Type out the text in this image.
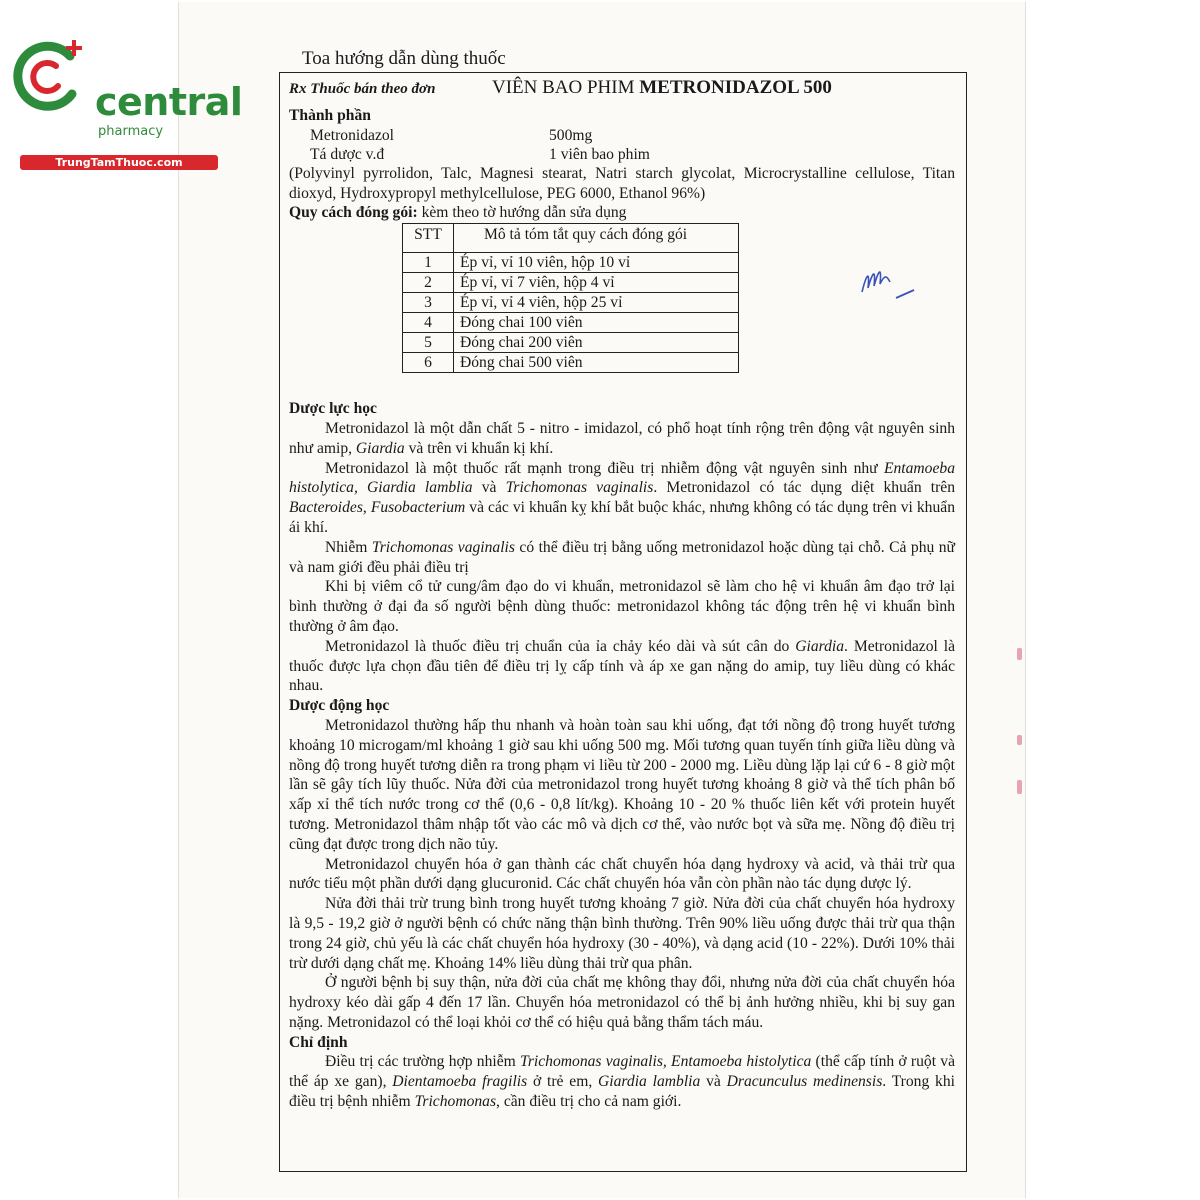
central
pharmacy
TrungTamThuoc.com
Toa hướng dẫn dùng thuốc
Rx Thuốc bán theo đơn	VIÊN BAO PHIM METRONIDAZOL 500
Thành phần
Metronidazol	500mg
Tá dược v.đ	1 viên bao phim

(Polyvinyl pyrrolidon, Talc, Magnesi stearat, Natri starch glycolat, Microcrystalline cellulose, Titan dioxyd, Hydroxypropyl methylcellulose, PEG 6000, Ethanol 96%)

Quy cách đóng gói: kèm theo tờ hướng dẫn sửa dụng
STT	Mô tả tóm tắt quy cách đóng gói
1	Ép vỉ, vỉ 10 viên, hộp 10 vỉ
2	Ép vỉ, vỉ 7 viên, hộp 4 vỉ
3	Ép vỉ, vỉ 4 viên, hộp 25 vỉ
4	Đóng chai 100 viên
5	Đóng chai 200 viên
6	Đóng chai 500 viên
Dược lực học

Metronidazol là một dẫn chất 5 - nitro - imidazol, có phổ hoạt tính rộng trên động vật nguyên sinh như amip, Giardia và trên vi khuẩn kị khí.

Metronidazol là một thuốc rất mạnh trong điều trị nhiễm động vật nguyên sinh như Entamoeba histolytica, Giardia lamblia và Trichomonas vaginalis. Metronidazol có tác dụng diệt khuẩn trên Bacteroides, Fusobacterium và các vi khuẩn kỵ khí bắt buộc khác, nhưng không có tác dụng trên vi khuẩn ái khí.

Nhiễm Trichomonas vaginalis có thể điều trị bằng uống metronidazol hoặc dùng tại chỗ. Cả phụ nữ và nam giới đều phải điều trị

Khi bị viêm cổ tử cung/âm đạo do vi khuẩn, metronidazol sẽ làm cho hệ vi khuẩn âm đạo trở lại bình thường ở đại đa số người bệnh dùng thuốc: metronidazol không tác động trên hệ vi khuẩn bình thường ở âm đạo.

Metronidazol là thuốc điều trị chuẩn của ỉa chảy kéo dài và sút cân do Giardia. Metronidazol là thuốc được lựa chọn đầu tiên để điều trị lỵ cấp tính và áp xe gan nặng do amip, tuy liều dùng có khác nhau.

Dược động học

Metronidazol thường hấp thu nhanh và hoàn toàn sau khi uống, đạt tới nồng độ trong huyết tương khoảng 10 microgam/ml khoảng 1 giờ sau khi uống 500 mg. Mối tương quan tuyến tính giữa liều dùng và nồng độ trong huyết tương diễn ra trong phạm vi liều từ 200 - 2000 mg. Liều dùng lặp lại cứ 6 - 8 giờ một lần sẽ gây tích lũy thuốc. Nửa đời của metronidazol trong huyết tương khoảng 8 giờ và thể tích phân bố xấp xỉ thể tích nước trong cơ thể (0,6 - 0,8 lít/kg). Khoảng 10 - 20 % thuốc liên kết với protein huyết tương. Metronidazol thâm nhập tốt vào các mô và dịch cơ thể, vào nước bọt và sữa mẹ. Nồng độ điều trị cũng đạt được trong dịch não tủy.

Metronidazol chuyển hóa ở gan thành các chất chuyển hóa dạng hydroxy và acid, và thải trừ qua nước tiểu một phần dưới dạng glucuronid. Các chất chuyển hóa vẫn còn phần nào tác dụng dược lý.

Nửa đời thải trừ trung bình trong huyết tương khoảng 7 giờ. Nửa đời của chất chuyển hóa hydroxy là 9,5 - 19,2 giờ ở người bệnh có chức năng thận bình thường. Trên 90% liều uống được thải trừ qua thận trong 24 giờ, chủ yếu là các chất chuyển hóa hydroxy (30 - 40%), và dạng acid (10 - 22%). Dưới 10% thải trừ dưới dạng chất mẹ. Khoảng 14% liều dùng thải trừ qua phân.

Ở người bệnh bị suy thận, nửa đời của chất mẹ không thay đổi, nhưng nửa đời của chất chuyển hóa hydroxy kéo dài gấp 4 đến 17 lần. Chuyển hóa metronidazol có thể bị ảnh hưởng nhiều, khi bị suy gan nặng. Metronidazol có thể loại khỏi cơ thể có hiệu quả bằng thẩm tách máu.

Chỉ định

Điều trị các trường hợp nhiễm Trichomonas vaginalis, Entamoeba histolytica (thể cấp tính ở ruột và thể áp xe gan), Dientamoeba fragilis ở trẻ em, Giardia lamblia và Dracunculus medinensis. Trong khi điều trị bệnh nhiễm Trichomonas, cần điều trị cho cả nam giới.
